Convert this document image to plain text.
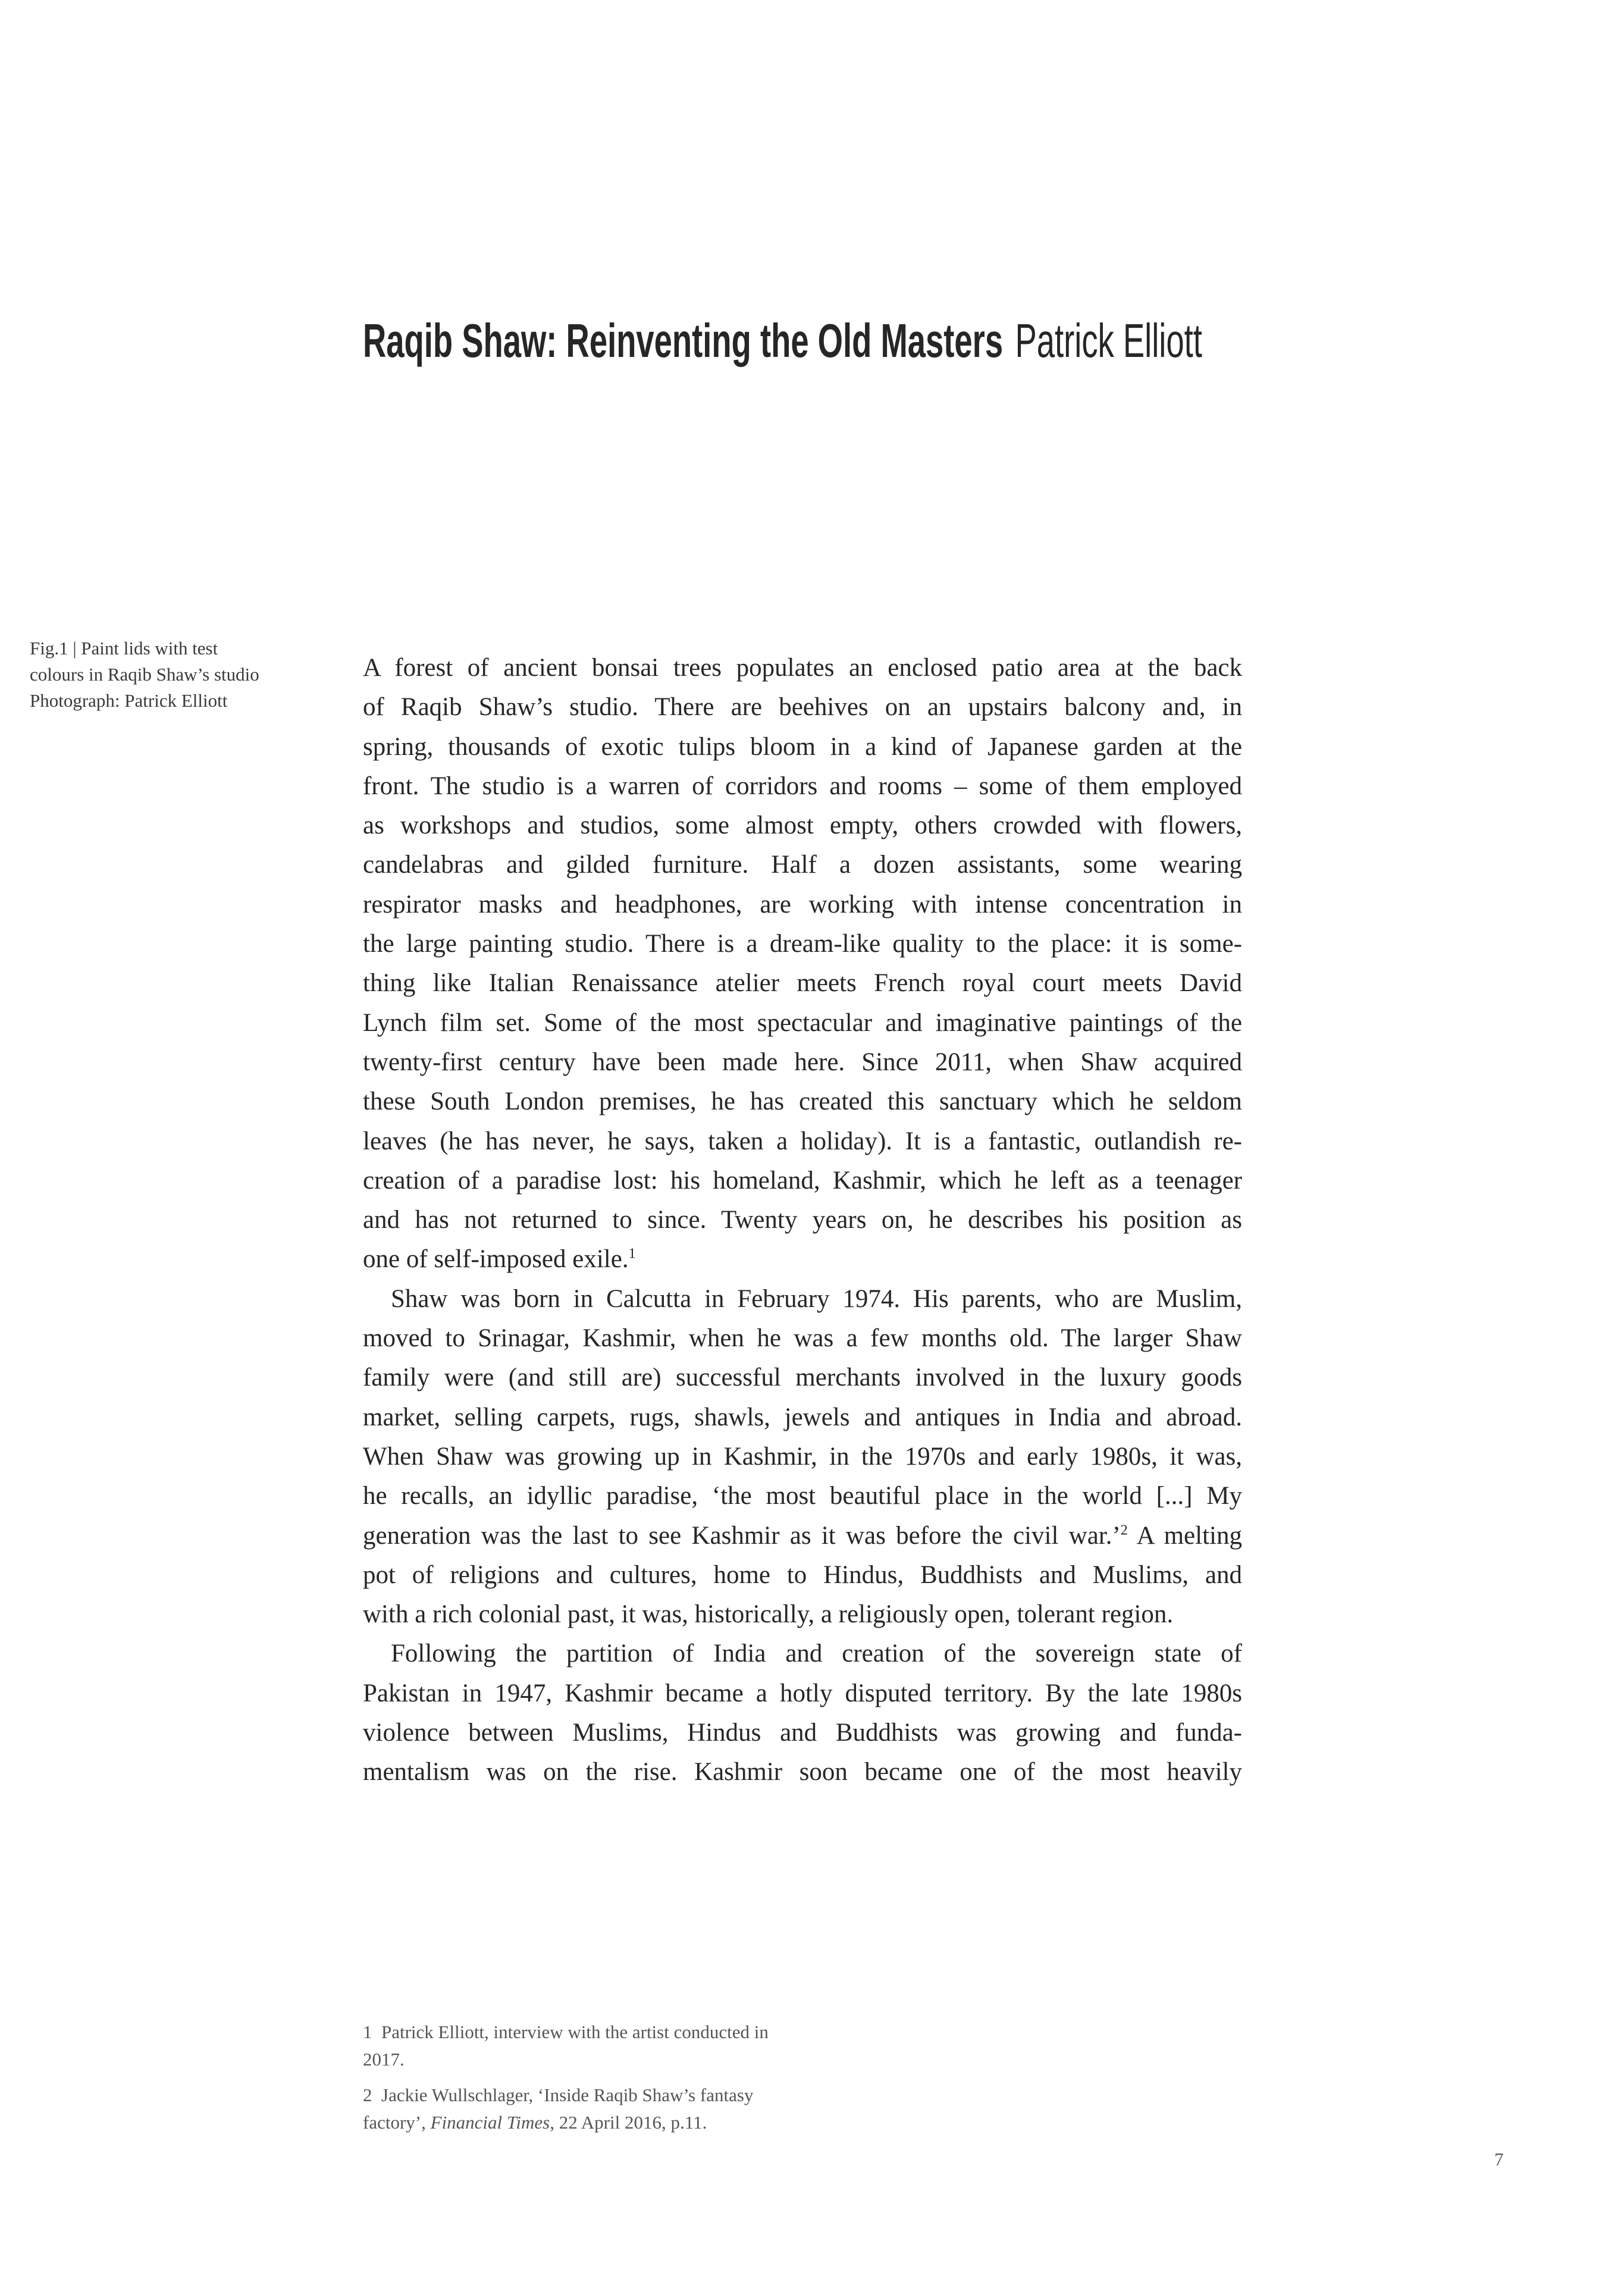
Raqib Shaw: Reinventing the Old Masters Patrick Elliott
Fig.1 | Paint lids with test
colours in Raqib Shaw’s studio
Photograph: Patrick Elliott
A forest of ancient bonsai trees populates an enclosed patio area at the back
of Raqib Shaw’s studio. There are beehives on an upstairs balcony and, in
spring, thousands of exotic tulips bloom in a kind of Japanese garden at the
front. The studio is a warren of corridors and rooms – some of them employed
as workshops and studios, some almost empty, others crowded with flowers,
candelabras and gilded furniture. Half a dozen assistants, some wearing
respirator masks and headphones, are working with intense concentration in
the large painting studio. There is a dream-like quality to the place: it is some-
thing like Italian Renaissance atelier meets French royal court meets David
Lynch film set. Some of the most spectacular and imaginative paintings of the
twenty-first century have been made here. Since 2011, when Shaw acquired
these South London premises, he has created this sanctuary which he seldom
leaves (he has never, he says, taken a holiday). It is a fantastic, outlandish re-
creation of a paradise lost: his homeland, Kashmir, which he left as a teenager
and has not returned to since. Twenty years on, he describes his position as
one of self-imposed exile.$^1$
Shaw was born in Calcutta in February 1974. His parents, who are Muslim,
moved to Srinagar, Kashmir, when he was a few months old. The larger Shaw
family were (and still are) successful merchants involved in the luxury goods
market, selling carpets, rugs, shawls, jewels and antiques in India and abroad.
When Shaw was growing up in Kashmir, in the 1970s and early 1980s, it was,
he recalls, an idyllic paradise, ‘the most beautiful place in the world [...] My
generation was the last to see Kashmir as it was before the civil war.’$^2$ A melting
pot of religions and cultures, home to Hindus, Buddhists and Muslims, and
with a rich colonial past, it was, historically, a religiously open, tolerant region.
Following the partition of India and creation of the sovereign state of
Pakistan in 1947, Kashmir became a hotly disputed territory. By the late 1980s
violence between Muslims, Hindus and Buddhists was growing and funda-
mentalism was on the rise. Kashmir soon became one of the most heavily
1 Patrick Elliott, interview with the artist conducted in 2017.
2 Jackie Wullschlager, ‘Inside Raqib Shaw’s fantasy factory’, Financial Times, 22 April 2016, p.11.
7
